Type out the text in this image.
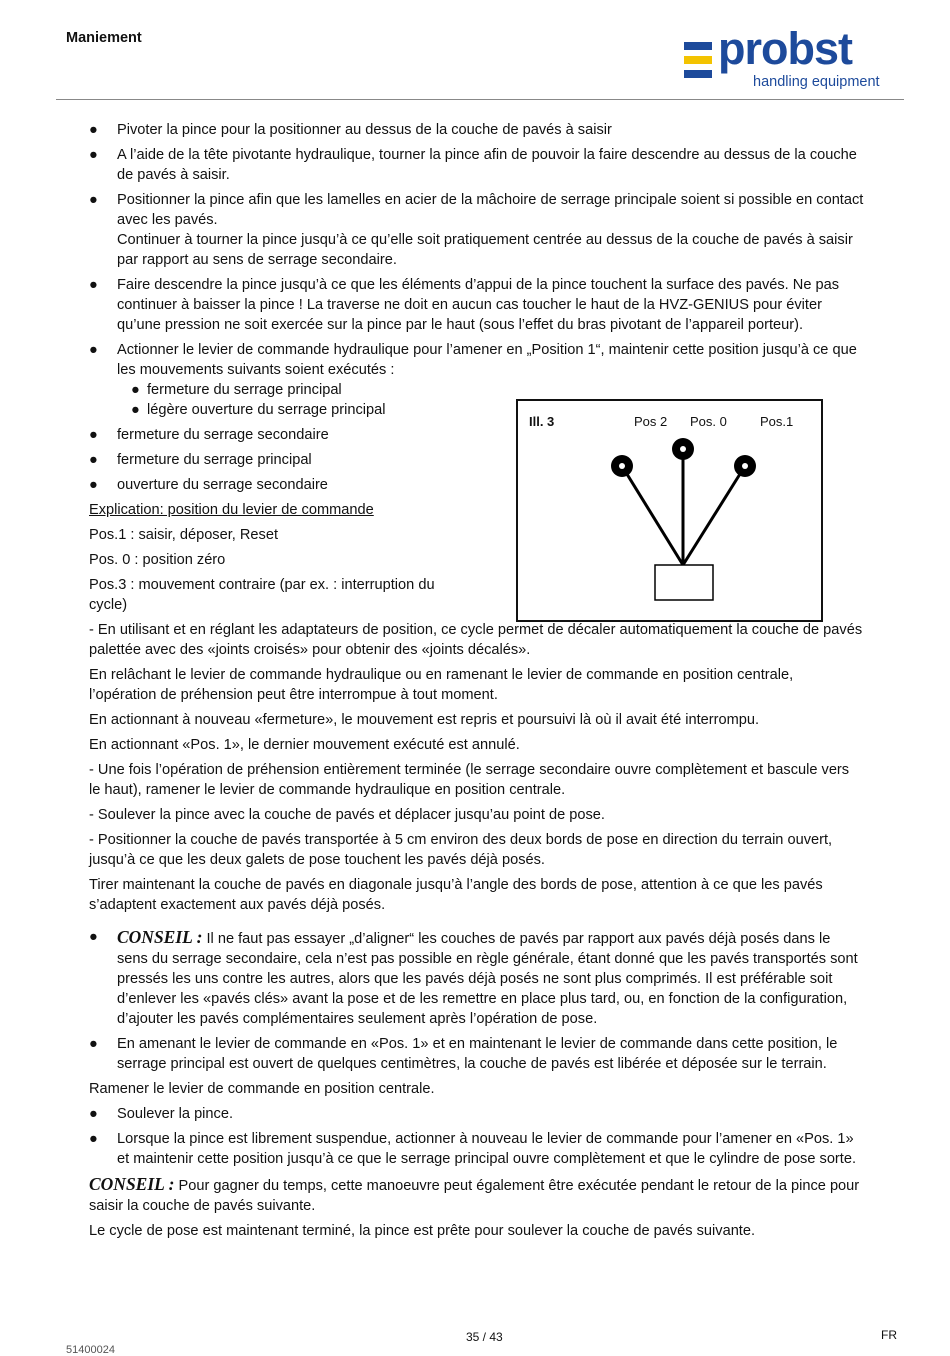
Maniement	probst
handling equipment
●	Pivoter la pince pour la positionner au dessus de la couche de pavés à saisir
●	A l’aide de la tête pivotante hydraulique, tourner la pince afin de pouvoir la faire descendre au dessus de la couche de pavés à saisir.
●	Positionner la pince afin que les lamelles en acier de la mâchoire de serrage principale soient si possible en contact avec les pavés.
Continuer à tourner la pince jusqu’à ce qu’elle soit pratiquement centrée au dessus de la couche de pavés à saisir par rapport au sens de serrage secondaire.
●	Faire descendre la pince jusqu’à ce que les éléments d’appui de la pince touchent la surface des pavés. Ne pas continuer à baisser la pince ! La traverse ne doit en aucun cas toucher le haut de la HVZ-GENIUS pour éviter qu’une pression ne soit exercée sur la pince par le haut (sous l’effet du bras pivotant de l’appareil porteur).
●	Actionner le levier de commande hydraulique pour l’amener en „Position 1“, maintenir cette position jusqu’à ce que les mouvements suivants soient exécutés :
● fermeture du serrage principal
● légère ouverture du serrage principal
●	fermeture du serrage secondaire
●	fermeture du serrage principal
●	ouverture du serrage secondaire
Explication: position du levier de commande
Pos.1 : saisir, déposer, Reset
Pos. 0 : position zéro
Pos.3 : mouvement contraire (par ex. : interruption du cycle)
- En utilisant et en réglant les adaptateurs de position, ce cycle permet de décaler automatiquement la couche de pavés palettée avec des «joints croisés» pour obtenir des «joints décalés».
En relâchant le levier de commande hydraulique ou en ramenant le levier de commande en position centrale, l’opération de préhension peut être interrompue à tout moment.
En actionnant à nouveau «fermeture», le mouvement est repris et poursuivi là où il avait été interrompu.
En actionnant «Pos. 1», le dernier mouvement exécuté est annulé.
- Une fois l’opération de préhension entièrement terminée (le serrage secondaire ouvre complètement et bascule vers le haut), ramener le levier de commande hydraulique en position centrale.
- Soulever la pince avec la couche de pavés et déplacer jusqu’au point de pose.
- Positionner la couche de pavés transportée à 5 cm environ des deux bords de pose en direction du terrain ouvert, jusqu’à ce que les deux galets de pose touchent les pavés déjà posés.
Tirer maintenant la couche de pavés en diagonale jusqu’à l’angle des bords de pose, attention à ce que les pavés s’adaptent exactement aux pavés déjà posés.
●	CONSEIL : Il ne faut pas essayer „d’aligner“ les couches de pavés par rapport aux pavés déjà posés dans le sens du serrage secondaire, cela n’est pas possible en règle générale, étant donné que les pavés transportés sont pressés les uns contre les autres, alors que les pavés déjà posés ne sont plus comprimés. Il est préférable soit d’enlever les «pavés clés» avant la pose et de les remettre en place plus tard, ou, en fonction de la configuration, d’ajouter les pavés complémentaires seulement après l’opération de pose.
●	En amenant le levier de commande en «Pos. 1» et en maintenant le levier de commande dans cette position, le serrage principal est ouvert de quelques centimètres, la couche de pavés est libérée et déposée sur le terrain.
Ramener le levier de commande en position centrale.
●	Soulever la pince.
●	Lorsque la pince est librement suspendue, actionner à nouveau le levier de commande pour l’amener en «Pos. 1» et maintenir cette position jusqu’à ce que le serrage principal ouvre complètement et que le cylindre de pose sorte.
CONSEIL : Pour gagner du temps, cette manoeuvre peut également être exécutée pendant le retour de la pince pour saisir la couche de pavés suivante.
Le cycle de pose est maintenant terminé, la pince est prête pour soulever la couche de pavés suivante.
Ill. 3	Pos 2 Pos. 0	Pos.1
35 / 43	FR
51400024
